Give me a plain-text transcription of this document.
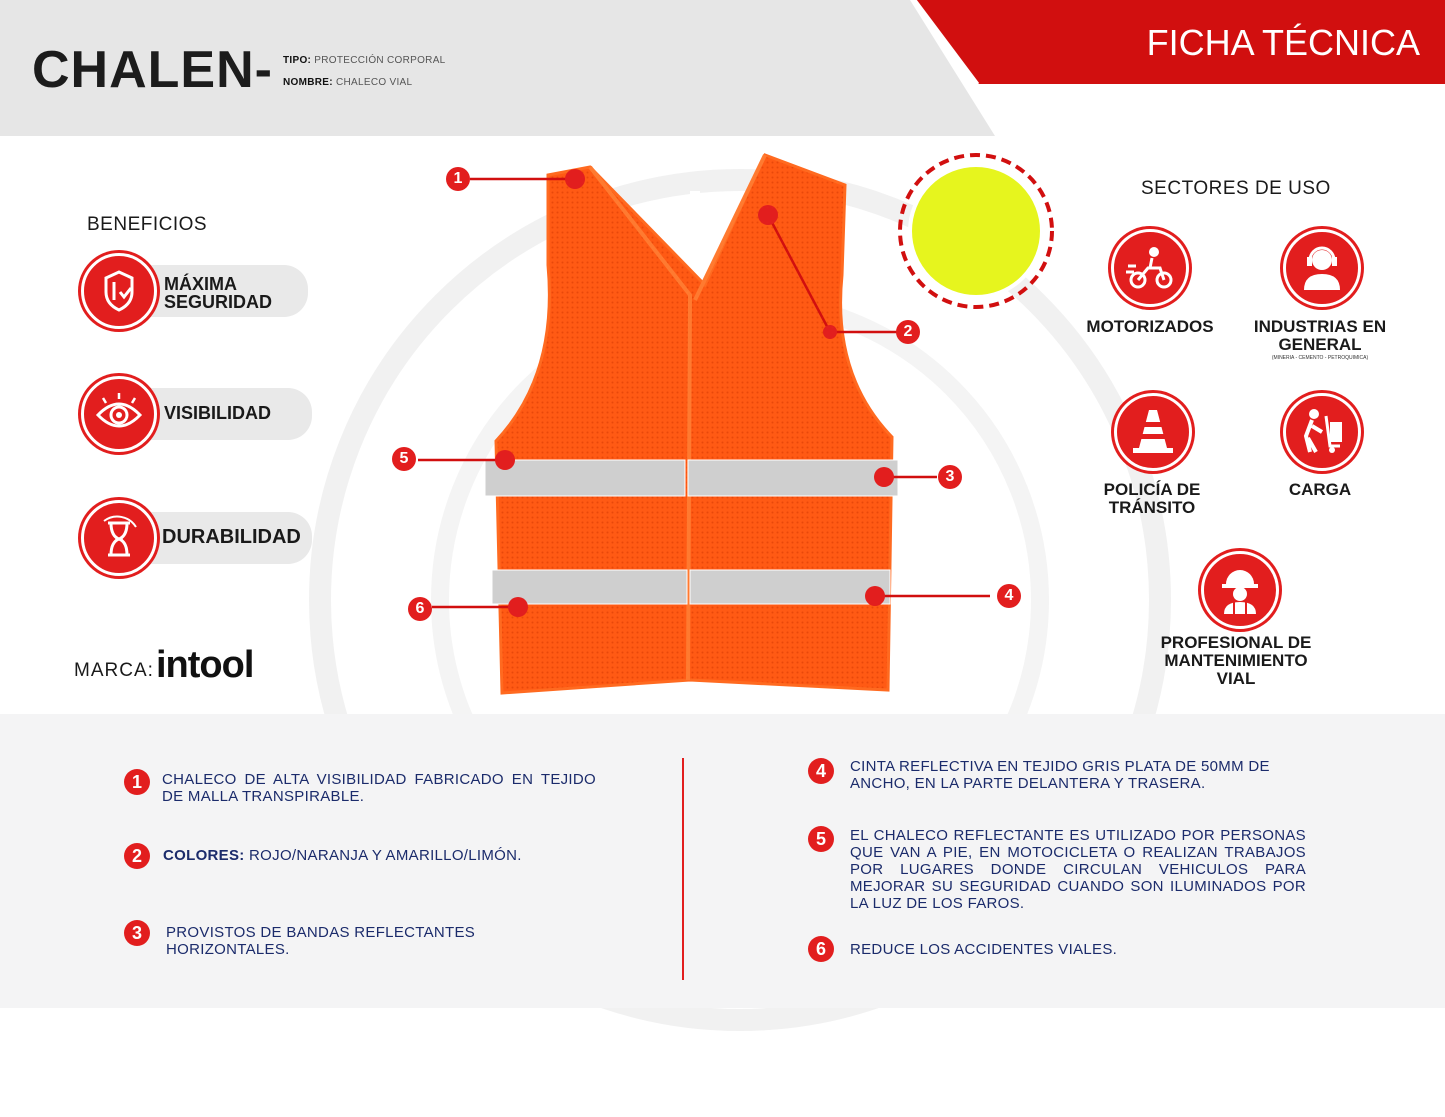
CHALEN- TIPO: PROTECCIÓN CORPORAL
NOMBRE: CHALECO VIAL
FICHA TÉCNICA
BENEFICIOS
MÁXIMA
SEGURIDAD
VISIBILIDAD
DURABILIDAD
MARCA: intool
1
2
3
4
5
6
SECTORES DE USO
MOTORIZADOS	INDUSTRIAS EN
GENERAL
(MINERIA - CEMENTO - PETROQUIMICA)
POLICÍA DE
TRÁNSITO
CARGA
PROFESIONAL DE
MANTENIMIENTO
VIAL
1	CHALECO DE ALTA VISIBILIDAD FABRICADO EN TEJIDO DE MALLA TRANSPIRABLE.
2	COLORES: ROJO/NARANJA Y AMARILLO/LIMÓN.
3	PROVISTOS DE BANDAS REFLECTANTES HORIZONTALES.
4	CINTA REFLECTIVA EN TEJIDO GRIS PLATA DE 50MM DE ANCHO, EN LA PARTE DELANTERA Y TRASERA.
5	EL CHALECO REFLECTANTE ES UTILIZADO POR PERSONAS QUE VAN A PIE, EN MOTOCICLETA O REALIZAN TRABAJOS POR LUGARES DONDE CIRCULAN VEHICULOS PARA MEJORAR SU SEGURIDAD CUANDO SON ILUMINADOS POR LA LUZ DE LOS FAROS.
6	REDUCE LOS ACCIDENTES VIALES.
